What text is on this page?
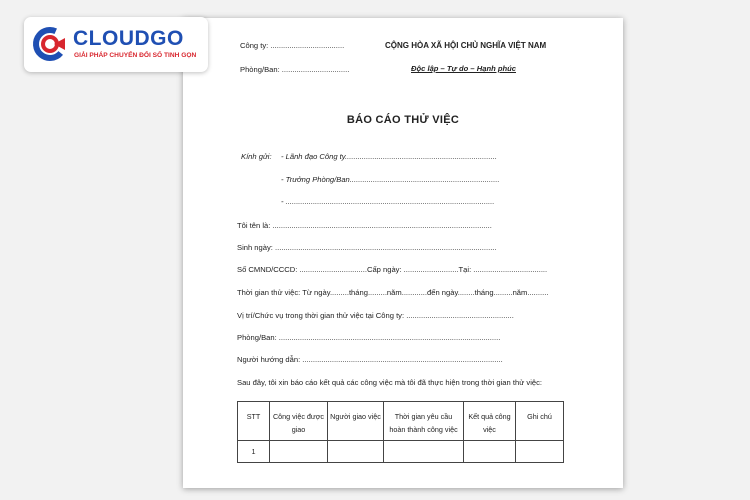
Công ty: ...................................	CỘNG HÒA XÃ HỘI CHỦ NGHĨA VIỆT NAM
Phòng/Ban: ................................	Độc lập – Tự do – Hạnh phúc
BÁO CÁO THỬ VIỆC
Kính gửi: - Lãnh đạo Công ty........................................................................
- Trưởng Phòng/Ban.......................................................................
- ...................................................................................................
Tôi tên là: ........................................................................................................
Sinh ngày: .........................................................................................................
Số CMND/CCCD: ................................Cấp ngày: ..........................Tại: ...................................
Thời gian thử việc: Từ ngày.........tháng.........năm............đến ngày........tháng.........năm..........
Vị trí/Chức vụ trong thời gian thử việc tại Công ty: ...................................................
Phòng/Ban: .........................................................................................................
Người hướng dẫn: ...............................................................................................
Sau đây, tôi xin báo cáo kết quả các công việc mà tôi đã thực hiện trong thời gian thử việc:
STT	Công việc được giao	Người giao việc	Thời gian yêu cầu hoàn thành công việc	Kết quả công việc	Ghi chú
1					
CLOUDGO
GIẢI PHÁP CHUYỂN ĐỔI SỐ TINH GỌN
